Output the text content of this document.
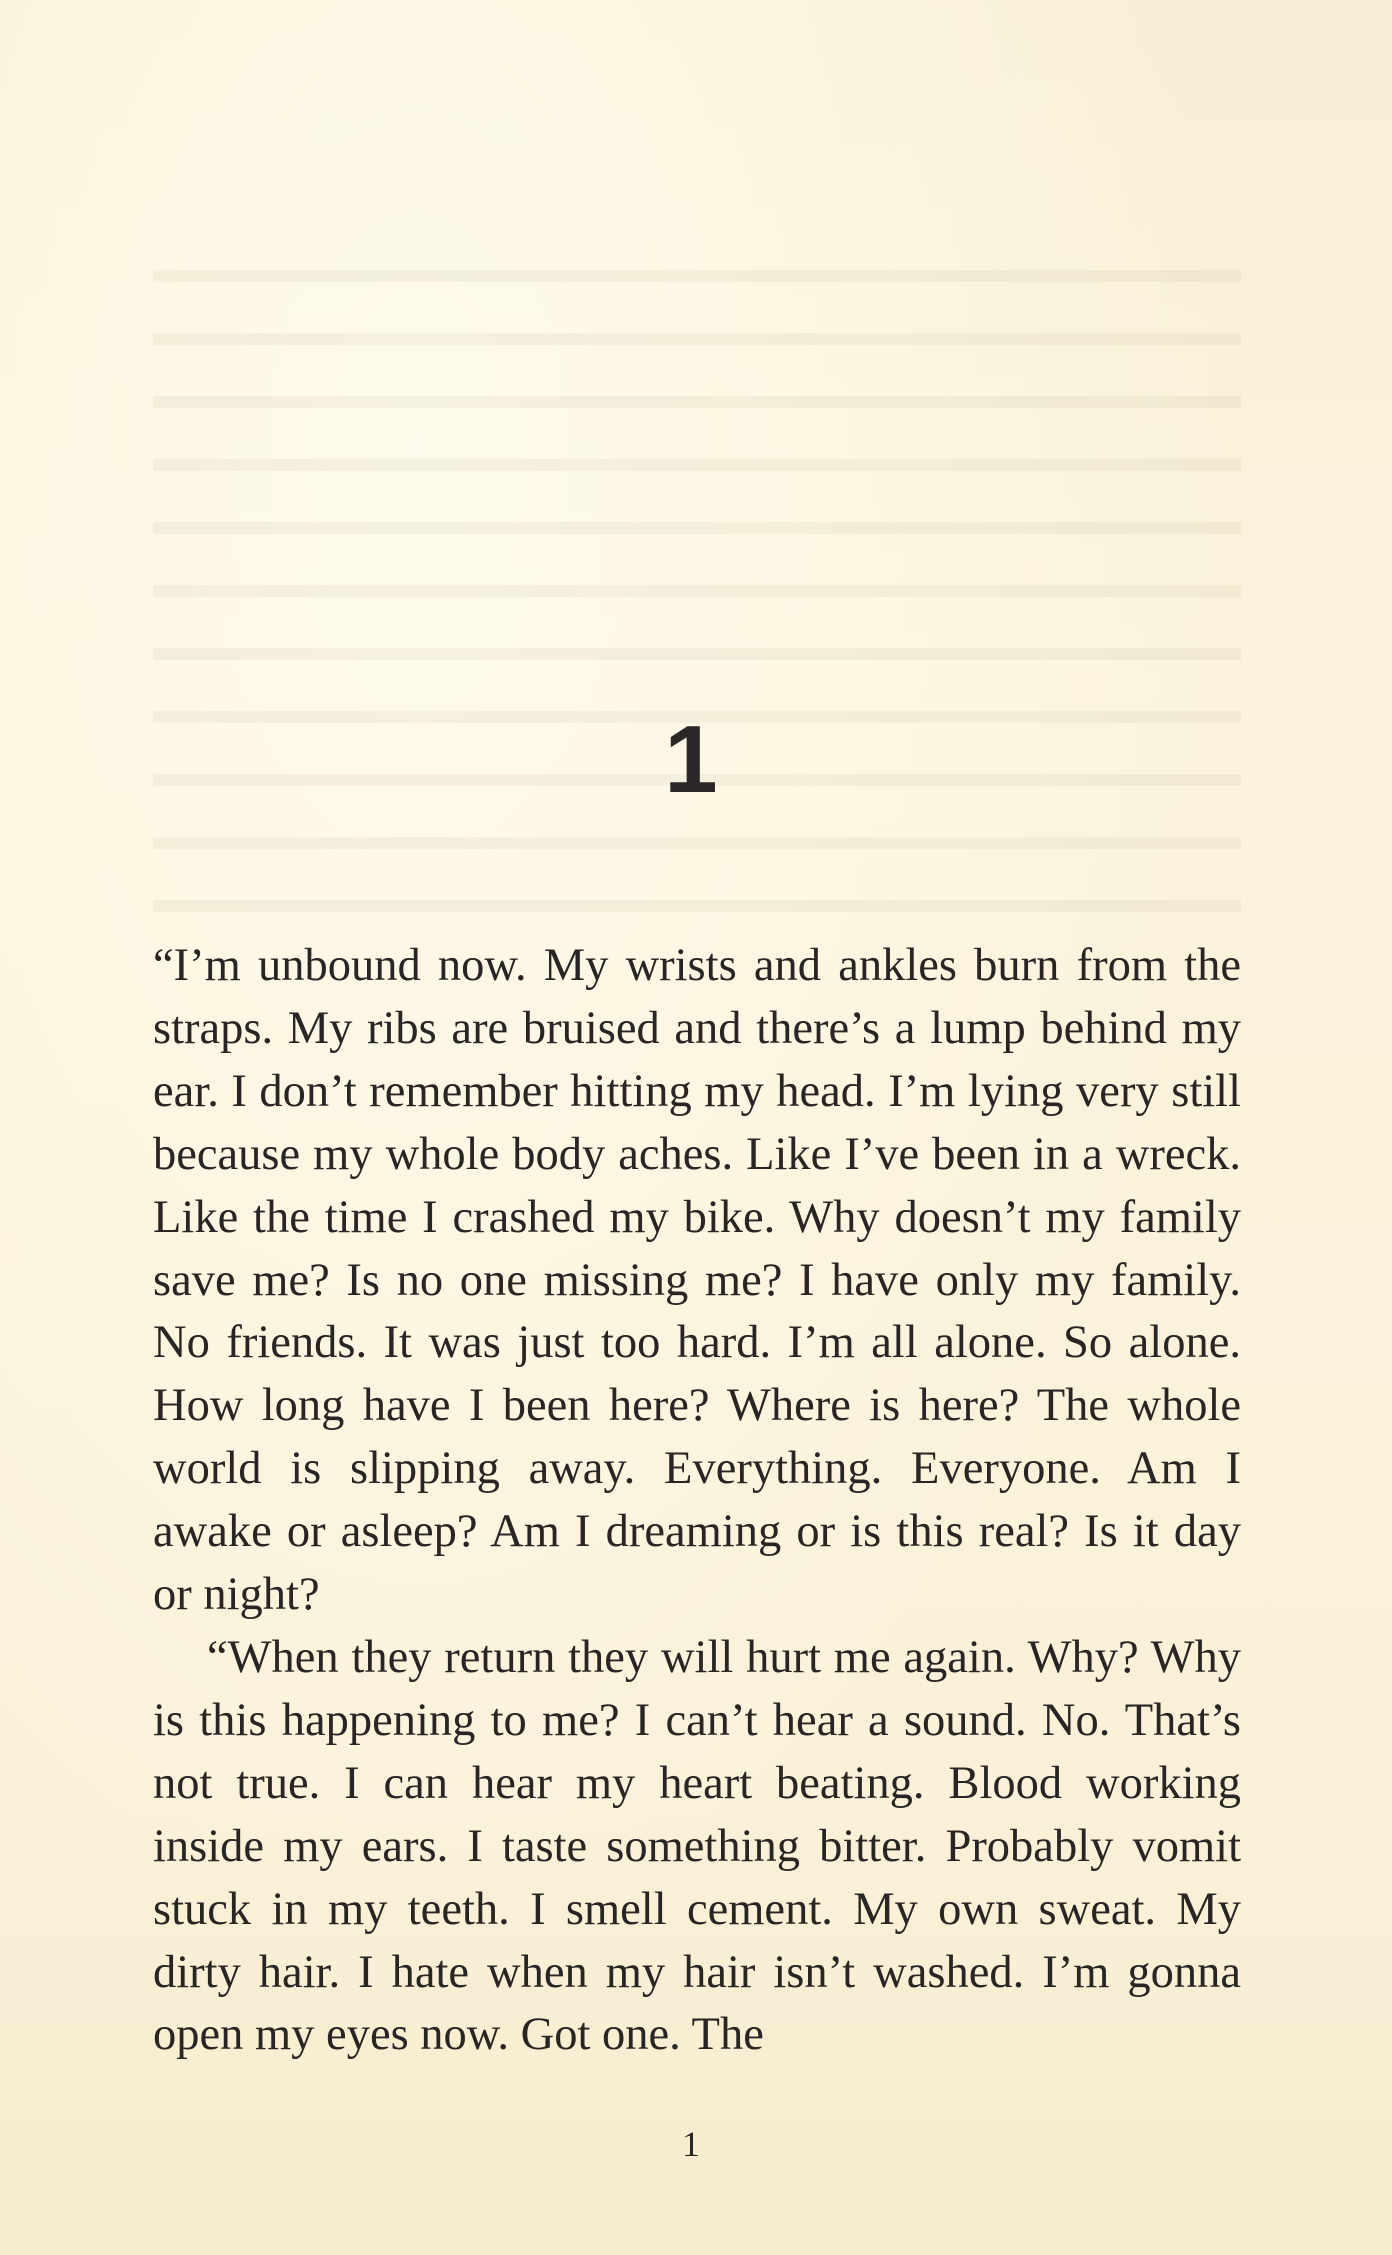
1

“I’m unbound now. My wrists and ankles burn from the straps. My ribs are bruised and there’s a lump behind my ear. I don’t remember hitting my head. I’m lying very still because my whole body aches. Like I’ve been in a wreck. Like the time I crashed my bike. Why doesn’t my family save me? Is no one missing me? I have only my family. No friends. It was just too hard. I’m all alone. So alone. How long have I been here? Where is here? The whole world is slipping away. Everything. Everyone. Am I awake or asleep? Am I dreaming or is this real? Is it day or night?

“When they return they will hurt me again. Why? Why is this happening to me? I can’t hear a sound. No. That’s not true. I can hear my heart beating. Blood working inside my ears. I taste something bitter. Probably vomit stuck in my teeth. I smell cement. My own sweat. My dirty hair. I hate when my hair isn’t washed. I’m gonna open my eyes now. Got one. The

1
